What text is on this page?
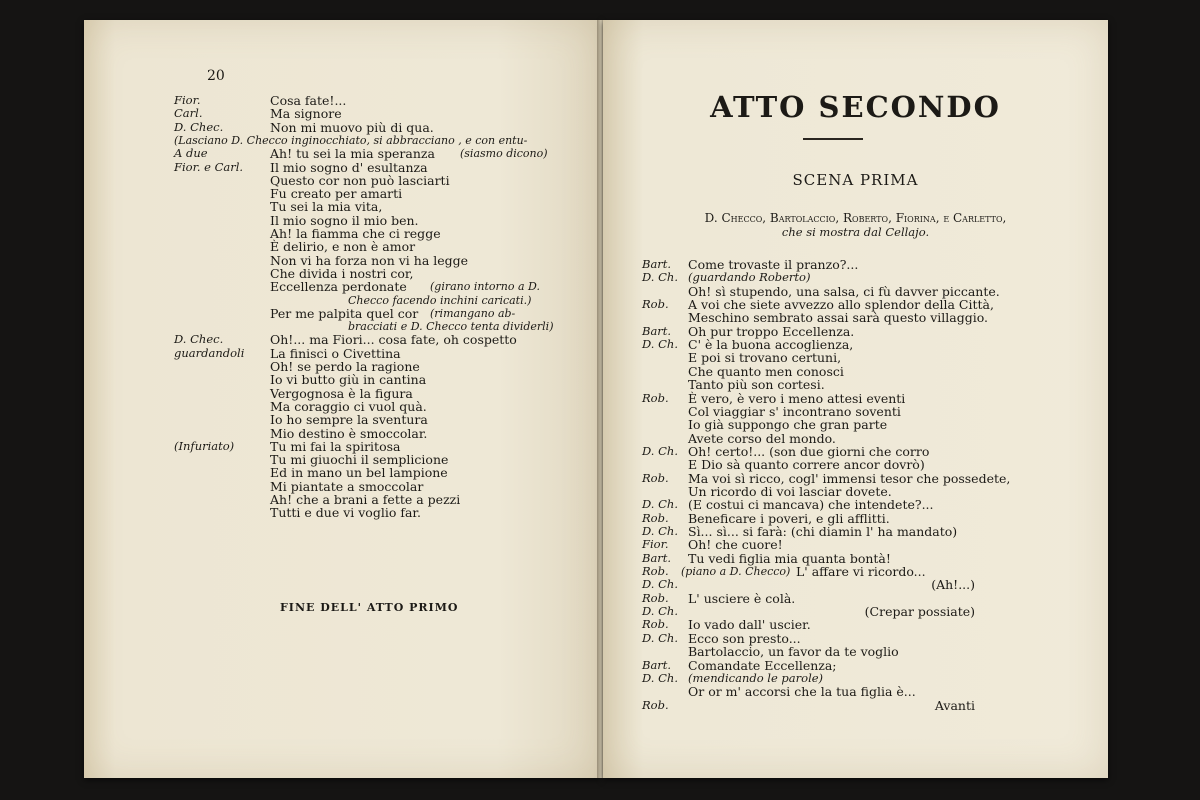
20
Fior.	Cosa fate!...
Carl.	Ma signore
D. Chec.	Non mi muovo più di qua.
(Lasciano D. Checco inginocchiato, si abbracciano , e con entu-
A due	Ah! tu sei la mia speranza (siasmo dicono)
Fior. e Carl. Il mio sogno d' esultanza
Questo cor non può lasciarti
Fu creato per amarti
Tu sei la mia vita,
Il mio sogno il mio ben.
Ah! la fiamma che ci regge
È delirio, e non è amor
Non vi ha forza non vi ha legge
Che divida i nostri cor,
Eccellenza perdonate (girano intorno a D.
Checco facendo inchini caricati.)
Per me palpita quel cor (rimangano ab-
bracciati e D. Checco tenta dividerli)
D. Chec.	Oh!... ma Fiori... cosa fate, oh cospetto
guardandoli La finisci o Civettina
Oh! se perdo la ragione
Io vi butto giù in cantina
Vergognosa è la figura
Ma coraggio ci vuol quà.
Io ho sempre la sventura
Mio destino è smoccolar.
(Infuriato)	Tu mi fai la spiritosa
Tu mi giuochi il semplicione
Ed in mano un bel lampione
Mi piantate a smoccolar
Ah! che a brani a fette a pezzi
Tutti e due vi voglio far.
FINE DELL' ATTO PRIMO
ATTO SECONDO
SCENA PRIMA
D. Checco, Bartolaccio, Roberto, Fiorina, e Carletto,
che si mostra dal Cellajo.
Bart. Come trovaste il pranzo?...
D. Ch. (guardando Roberto)
Oh! sì stupendo, una salsa, ci fù davver piccante.
Rob. A voi che siete avvezzo allo splendor della Città,
Meschino sembrato assai sarà questo villaggio.
Bart. Oh pur troppo Eccellenza.
D. Ch. C' è la buona accoglienza,
E poi si trovano certuni,
Che quanto men conosci
Tanto più son cortesi.
Rob. È vero, è vero i meno attesi eventi
Col viaggiar s' incontrano soventi
Io già suppongo che gran parte
Avete corso del mondo.
D. Ch. Oh! certo!... (son due giorni che corro
E Dio sà quanto correre ancor dovrò)
Rob. Ma voi sì ricco, cogl' immensi tesor che possedete,
Un ricordo di voi lasciar dovete.
D. Ch. (E costui ci mancava) che intendete?...
Rob. Beneficare i poveri, e gli afflitti.
D. Ch. Sì... sì... si farà: (chi diamin l' ha mandato)
Fior. Oh! che cuore!
Bart. Tu vedi figlia mia quanta bontà!
Rob. (piano a D. Checco) L' affare vi ricordo...
D. Ch.	(Ah!...)
Rob. L' usciere è colà.
D. Ch.	(Crepar possiate)
Rob. Io vado dall' uscier.
D. Ch. Ecco son presto...
Bartolaccio, un favor da te voglio
Bart. Comandate Eccellenza;
D. Ch. (mendicando le parole)
Or or m' accorsi che la tua figlia è...
Rob.	Avanti
